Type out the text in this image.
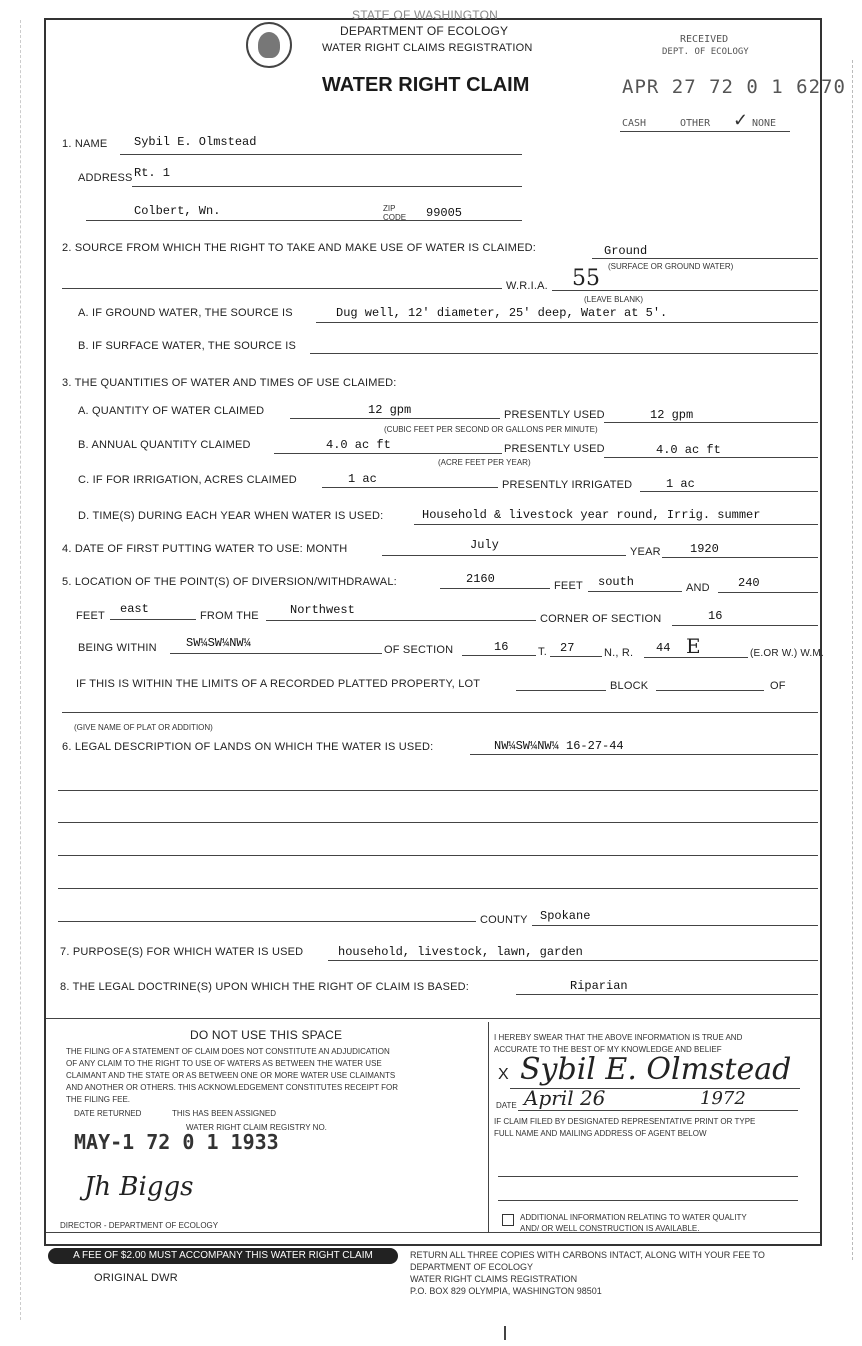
STATE OF WASHINGTON
DEPARTMENT OF ECOLOGY
WATER RIGHT CLAIMS REGISTRATION
WATER RIGHT CLAIM
RECEIVED
DEPT. OF ECOLOGY
APR 27 72 0 1 6270
CASH	OTHER	NONE
✓
1. NAME Sybil E. Olmstead
ADDRESS Rt. 1
Colbert, Wn.	ZIP CODE	99005
2. SOURCE FROM WHICH THE RIGHT TO TAKE AND MAKE USE OF WATER IS CLAIMED:	Ground
(SURFACE OR GROUND WATER)
W.R.I.A. 55
(LEAVE BLANK)
A. IF GROUND WATER, THE SOURCE IS	Dug well, 12' diameter, 25' deep, Water at 5'.
B. IF SURFACE WATER, THE SOURCE IS
3. THE QUANTITIES OF WATER AND TIMES OF USE CLAIMED:
A. QUANTITY OF WATER CLAIMED	12 gpm	PRESENTLY USED	12 gpm
(CUBIC FEET PER SECOND OR GALLONS PER MINUTE)
B. ANNUAL QUANTITY CLAIMED	4.0 ac ft	PRESENTLY USED	4.0 ac ft
(ACRE FEET PER YEAR)
C. IF FOR IRRIGATION, ACRES CLAIMED	1 ac	PRESENTLY IRRIGATED	1 ac
D. TIME(S) DURING EACH YEAR WHEN WATER IS USED:	Household & livestock year round, Irrig. summer
4. DATE OF FIRST PUTTING WATER TO USE: MONTH	July	YEAR 1920
5. LOCATION OF THE POINT(S) OF DIVERSION/WITHDRAWAL:	2160	FEET south	AND 240
FEET east	FROM THE	Northwest
CORNER OF SECTION	16
BEING WITHIN SW¼SW¼NW¼	OF SECTION	16	T. 27	N., R. 44 E	(E.OR W.) W.M.
IF THIS IS WITHIN THE LIMITS OF A RECORDED PLATTED PROPERTY, LOT	BLOCK	OF
(GIVE NAME OF PLAT OR ADDITION)
6. LEGAL DESCRIPTION OF LANDS ON WHICH THE WATER IS USED:	NW¼SW¼NW¼ 16-27-44
COUNTY Spokane
7. PURPOSE(S) FOR WHICH WATER IS USED	household, livestock, lawn, garden
8. THE LEGAL DOCTRINE(S) UPON WHICH THE RIGHT OF CLAIM IS BASED:	Riparian
DO NOT USE THIS SPACE
THE FILING OF A STATEMENT OF CLAIM DOES NOT CONSTITUTE AN ADJUDICATION
OF ANY CLAIM TO THE RIGHT TO USE OF WATERS AS BETWEEN THE WATER USE
CLAIMANT AND THE STATE OR AS BETWEEN ONE OR MORE WATER USE CLAIMANTS
AND ANOTHER OR OTHERS. THIS ACKNOWLEDGEMENT CONSTITUTES RECEIPT FOR
THE FILING FEE.
DATE RETURNED	THIS HAS BEEN ASSIGNED
WATER RIGHT CLAIM REGISTRY NO.
MAY-1 72 0 1 1933
Jh Biggs
DIRECTOR - DEPARTMENT OF ECOLOGY
I HEREBY SWEAR THAT THE ABOVE INFORMATION IS TRUE AND
ACCURATE TO THE BEST OF MY KNOWLEDGE AND BELIEF
X Sybil E. Olmstead
DATE April 26	1972
IF CLAIM FILED BY DESIGNATED REPRESENTATIVE PRINT OR TYPE
FULL NAME AND MAILING ADDRESS OF AGENT BELOW
ADDITIONAL INFORMATION RELATING TO WATER QUALITY
AND/ OR WELL CONSTRUCTION IS AVAILABLE.
A FEE OF $2.00 MUST ACCOMPANY THIS WATER RIGHT CLAIM
ORIGINAL DWR
RETURN ALL THREE COPIES WITH CARBONS INTACT, ALONG WITH YOUR FEE TO
DEPARTMENT OF ECOLOGY
WATER RIGHT CLAIMS REGISTRATION
P.O. BOX 829 OLYMPIA, WASHINGTON 98501
